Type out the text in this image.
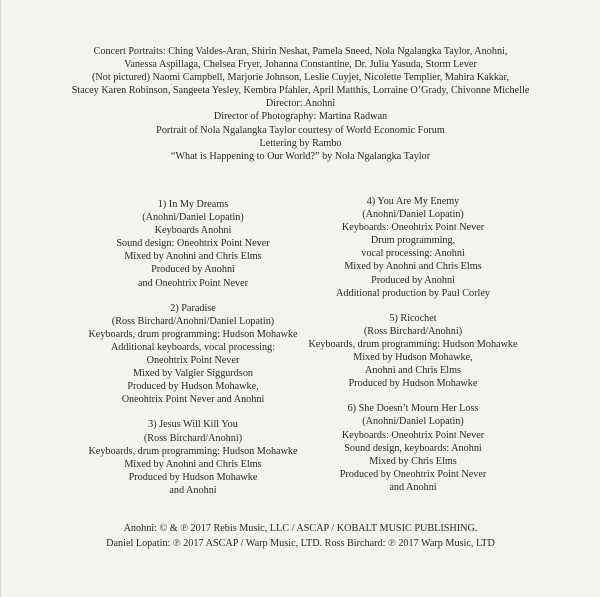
Concert Portraits: Ching Valdes-Aran, Shirin Neshat, Pamela Sneed, Nola Ngalangka Taylor, Anohni,
Vanessa Aspillaga, Chelsea Fryer, Johanna Constantine, Dr. Julia Yasuda, Storm Lever
(Not pictured) Naomi Campbell, Marjorie Johnson, Leslie Cuyjet, Nicolette Templier, Mahira Kakkar,
Stacey Karen Robinson, Sangeeta Yesley, Kembra Pfahler, April Matthis, Lorraine O’Grady, Chivonne Michelle
Director: Anohni
Director of Photography: Martina Radwan
Portrait of Nola Ngalangka Taylor courtesy of World Economic Forum
Lettering by Rambo
“What is Happening to Our World?” by Nola Ngalangka Taylor
1) In My Dreams
(Anohni/Daniel Lopatin)
Keyboards Anohni
Sound design: Oneohtrix Point Never
Mixed by Anohni and Chris Elms
Produced by Anohni
and Oneohtrix Point Never
2) Paradise
(Ross Birchard/Anohni/Daniel Lopatin)
Keyboards, drum programming: Hudson Mohawke
Additional keyboards, vocal processing:
Oneohtrix Point Never
Mixed by Valgier Siggurdson
Produced by Hudson Mohawke,
Oneohtrix Point Never and Anohni
3) Jesus Will Kill You
(Ross Birchard/Anohni)
Keyboards, drum programming: Hudson Mohawke
Mixed by Anohni and Chris Elms
Produced by Hudson Mohawke
and Anohni
4) You Are My Enemy
(Anohni/Daniel Lopatin)
Keyboards: Oneohtrix Point Never
Drum programming,
vocal processing: Anohni
Mixed by Anohni and Chris Elms
Produced by Anohni
Additional production by Paul Corley
5) Ricochet
(Ross Birchard/Anohni)
Keyboards, drum programming: Hudson Mohawke
Mixed by Hudson Mohawke,
Anohni and Chris Elms
Produced by Hudson Mohawke
6) She Doesn’t Mourn Her Loss
(Anohni/Daniel Lopatin)
Keyboards: Oneohtrix Point Never
Sound design, keyboards: Anohni
Mixed by Chris Elms
Produced by Oneohtrix Point Never
and Anohni
Anohni: © & ℗ 2017 Rebis Music, LLC / ASCAP / KOBALT MUSIC PUBLISHING.
Daniel Lopatin: ℗ 2017 ASCAP / Warp Music, LTD. Ross Birchard: ℗ 2017 Warp Music, LTD
